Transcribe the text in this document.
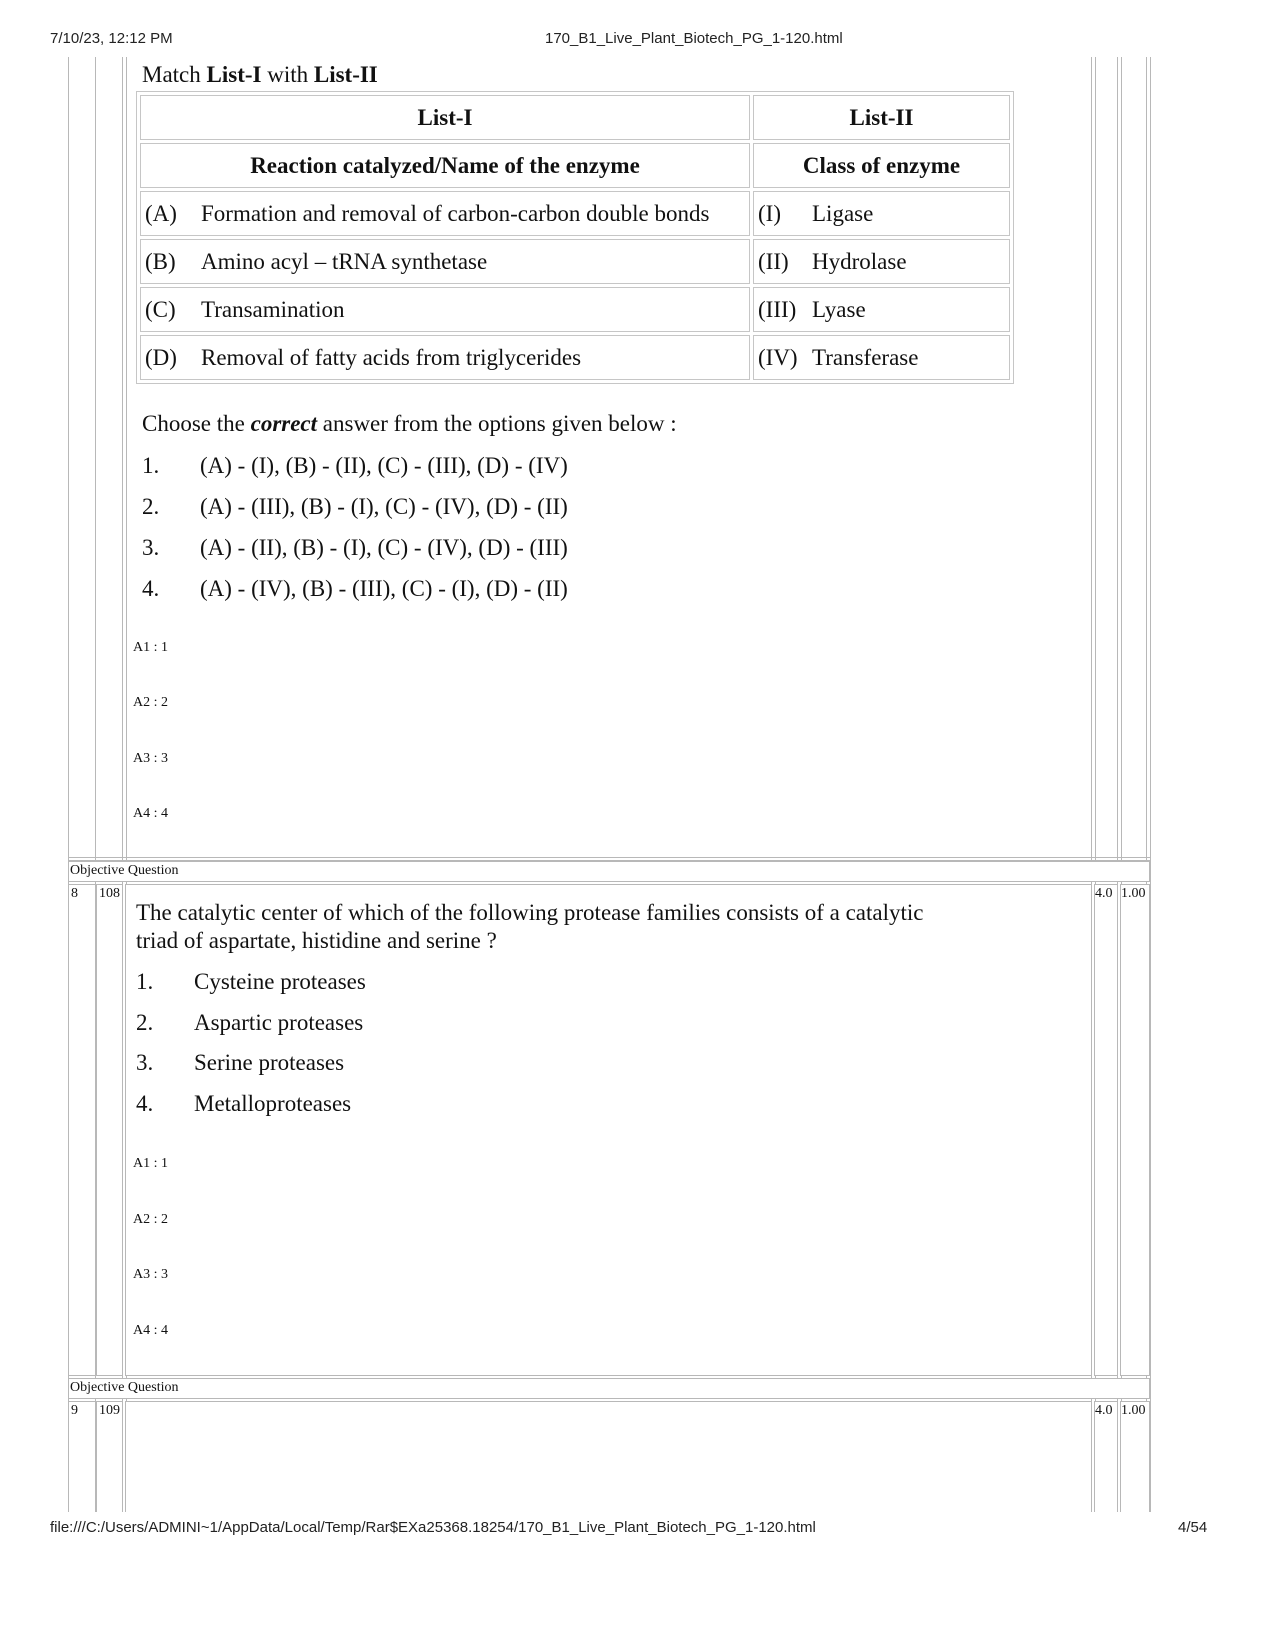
7/10/23, 12:12 PM	170_B1_Live_Plant_Biotech_PG_1-120.html
Match List-I with List-II
List-I	List-II
Reaction catalyzed/Name of the enzyme	Class of enzyme
(A) Formation and removal of carbon-carbon double bonds	(I) Ligase
(B) Amino acyl – tRNA synthetase	(II) Hydrolase
(C) Transamination	(III) Lyase
(D) Removal of fatty acids from triglycerides	(IV) Transferase
Choose the correct answer from the options given below :
1. (A) - (I), (B) - (II), (C) - (III), (D) - (IV)
2. (A) - (III), (B) - (I), (C) - (IV), (D) - (II)
3. (A) - (II), (B) - (I), (C) - (IV), (D) - (III)
4. (A) - (IV), (B) - (III), (C) - (I), (D) - (II)
A1 : 1
A2 : 2
A3 : 3
A4 : 4
Objective Question
8 108	4.0 1.00
The catalytic center of which of the following protease families consists of a catalytic
triad of aspartate, histidine and serine ?
1. Cysteine proteases
2. Aspartic proteases
3. Serine proteases
4. Metalloproteases
A1 : 1
A2 : 2
A3 : 3
A4 : 4
Objective Question
9 109	4.0 1.00
file:///C:/Users/ADMINI~1/AppData/Local/Temp/Rar$EXa25368.18254/170_B1_Live_Plant_Biotech_PG_1-120.html	4/54
